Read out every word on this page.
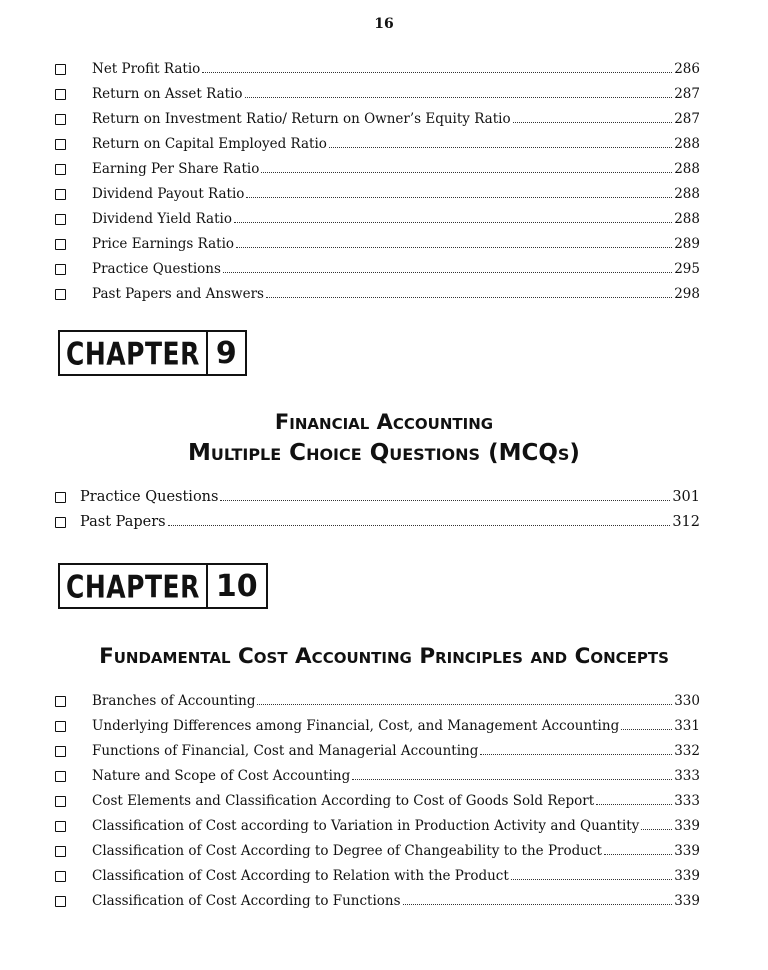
16
Net Profit Ratio	286
Return on Asset Ratio	287
Return on Investment Ratio/ Return on Owner’s Equity Ratio	287
Return on Capital Employed Ratio	288
Earning Per Share Ratio	288
Dividend Payout Ratio	288
Dividend Yield Ratio	288
Price Earnings Ratio	289
Practice Questions	295
Past Papers and Answers	298
CHAPTER 9
Financial Accounting
Multiple Choice Questions (MCQs)
Practice Questions	301
Past Papers	312
CHAPTER 10
Fundamental Cost Accounting Principles and Concepts
Branches of Accounting	330
Underlying Differences among Financial, Cost, and Management Accounting	331
Functions of Financial, Cost and Managerial Accounting	332
Nature and Scope of Cost Accounting	333
Cost Elements and Classification According to Cost of Goods Sold Report	333
Classification of Cost according to Variation in Production Activity and Quantity	339
Classification of Cost According to Degree of Changeability to the Product	339
Classification of Cost According to Relation with the Product	339
Classification of Cost According to Functions	339
